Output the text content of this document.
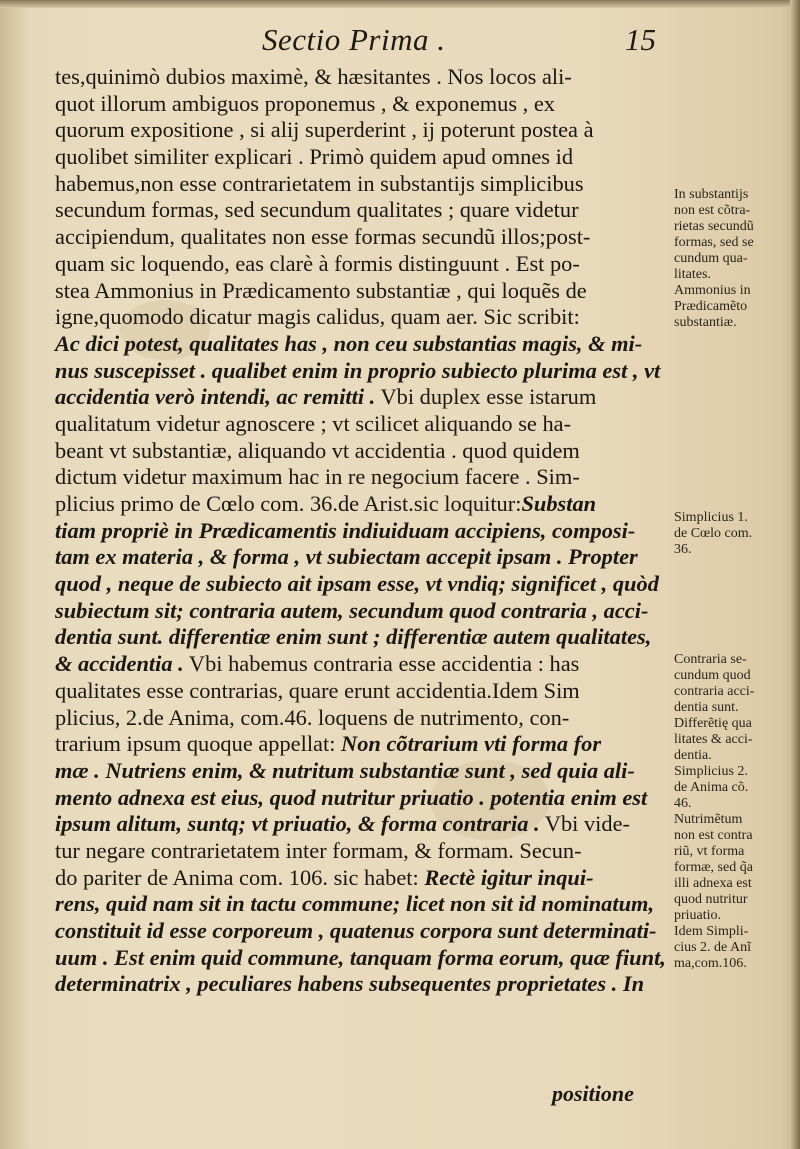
Sectio Prima .	15
tes,quinimò dubios maximè, & hæsitantes . Nos locos ali-
quot illorum ambiguos proponemus , & exponemus , ex
quorum expositione , si alij superderint , ij poterunt postea à
quolibet similiter explicari . Primò quidem apud omnes id
habemus,non esse contrarietatem in substantijs simplicibus
secundum formas, sed secundum qualitates ; quare videtur
accipiendum, qualitates non esse formas secundũ illos;post-
quam sic loquendo, eas clarè à formis distinguunt . Est po-
stea Ammonius in Prædicamento substantiæ , qui loquẽs de
igne,quomodo dicatur magis calidus, quam aer. Sic scribit:
Ac dici potest, qualitates has , non ceu substantias magis, & mi-
nus suscepisset . qualibet enim in proprio subiecto plurima est , vt
accidentia verò intendi, ac remitti . Vbi duplex esse istarum
qualitatum videtur agnoscere ; vt scilicet aliquando se ha-
beant vt substantiæ, aliquando vt accidentia . quod quidem
dictum videtur maximum hac in re negocium facere . Sim-
plicius primo de Cœlo com. 36.de Arist.sic loquitur:Substan
tiam propriè in Prædicamentis indiuiduam accipiens, composi-
tam ex materia , & forma , vt subiectam accepit ipsam . Propter
quod , neque de subiecto ait ipsam esse, vt vndiq; significet , quòd
subiectum sit; contraria autem, secundum quod contraria , acci-
dentia sunt. differentiæ enim sunt ; differentiæ autem qualitates,
& accidentia . Vbi habemus contraria esse accidentia : has
qualitates esse contrarias, quare erunt accidentia.Idem Sim
plicius, 2.de Anima, com.46. loquens de nutrimento, con-
trarium ipsum quoque appellat: Non cõtrarium vti forma for
mæ . Nutriens enim, & nutritum substantiæ sunt , sed quia ali-
mento adnexa est eius, quod nutritur priuatio . potentia enim est
ipsum alitum, suntq; vt priuatio, & forma contraria . Vbi vide-
tur negare contrarietatem inter formam, & formam. Secun-
do pariter de Anima com. 106. sic habet: Rectè igitur inqui-
rens, quid nam sit in tactu commune; licet non sit id nominatum,
constituit id esse corporeum , quatenus corpora sunt determinati-
uum . Est enim quid commune, tanquam forma eorum, quæ fiunt,
determinatrix , peculiares habens subsequentes proprietates . In
In substantijs
non est cõtra-
rietas secundũ
formas, sed se
cundum qua-
litates.
Ammonius in
Prædicamẽto
substantiæ.
Simplicius 1.
de Cœlo com.
36.
Contraria se-
cundum quod
contraria acci-
dentia sunt.
Differẽtię qua
litates & acci-
dentia.
Simplicius 2.
de Anima cõ.
46.
Nutrimẽtum
non est contra
riũ, vt forma
formæ, sed q̃a
illi adnexa est
quod nutritur
priuatio.
Idem Simpli-
cius 2. de Anĩ
ma,com.106.
positione
